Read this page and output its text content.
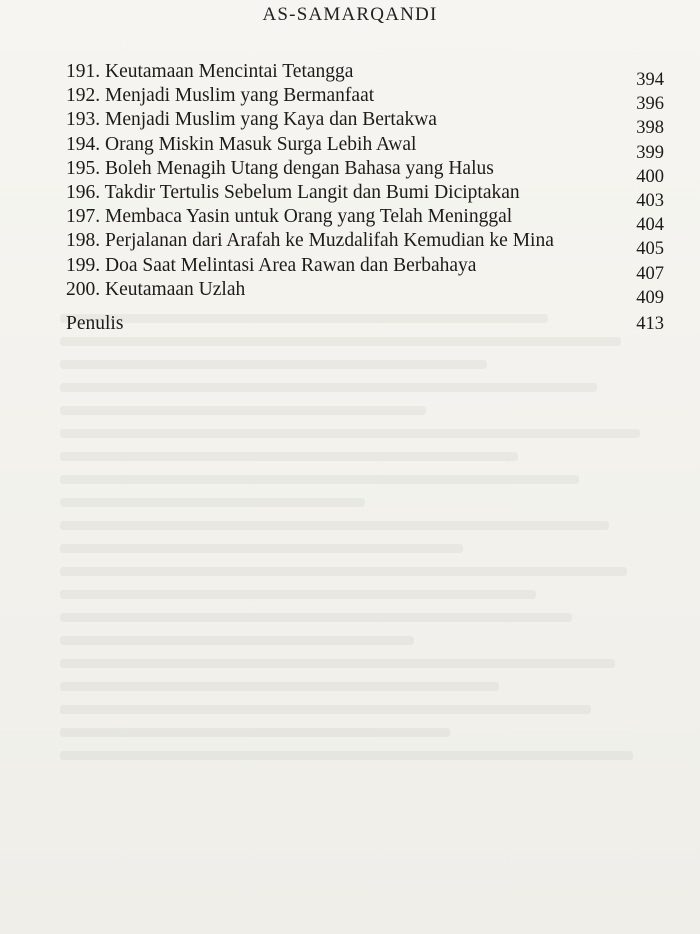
AS-SAMARQANDI
191. Keutamaan Mencintai Tetangga	394
192. Menjadi Muslim yang Bermanfaat	396
193. Menjadi Muslim yang Kaya dan Bertakwa	398
194. Orang Miskin Masuk Surga Lebih Awal	399
195. Boleh Menagih Utang dengan Bahasa yang Halus	400
196. Takdir Tertulis Sebelum Langit dan Bumi Diciptakan	403
197. Membaca Yasin untuk Orang yang Telah Meninggal	404
198. Perjalanan dari Arafah ke Muzdalifah Kemudian ke Mina	405
199. Doa Saat Melintasi Area Rawan dan Berbahaya	407
200. Keutamaan Uzlah	409
Penulis	413
